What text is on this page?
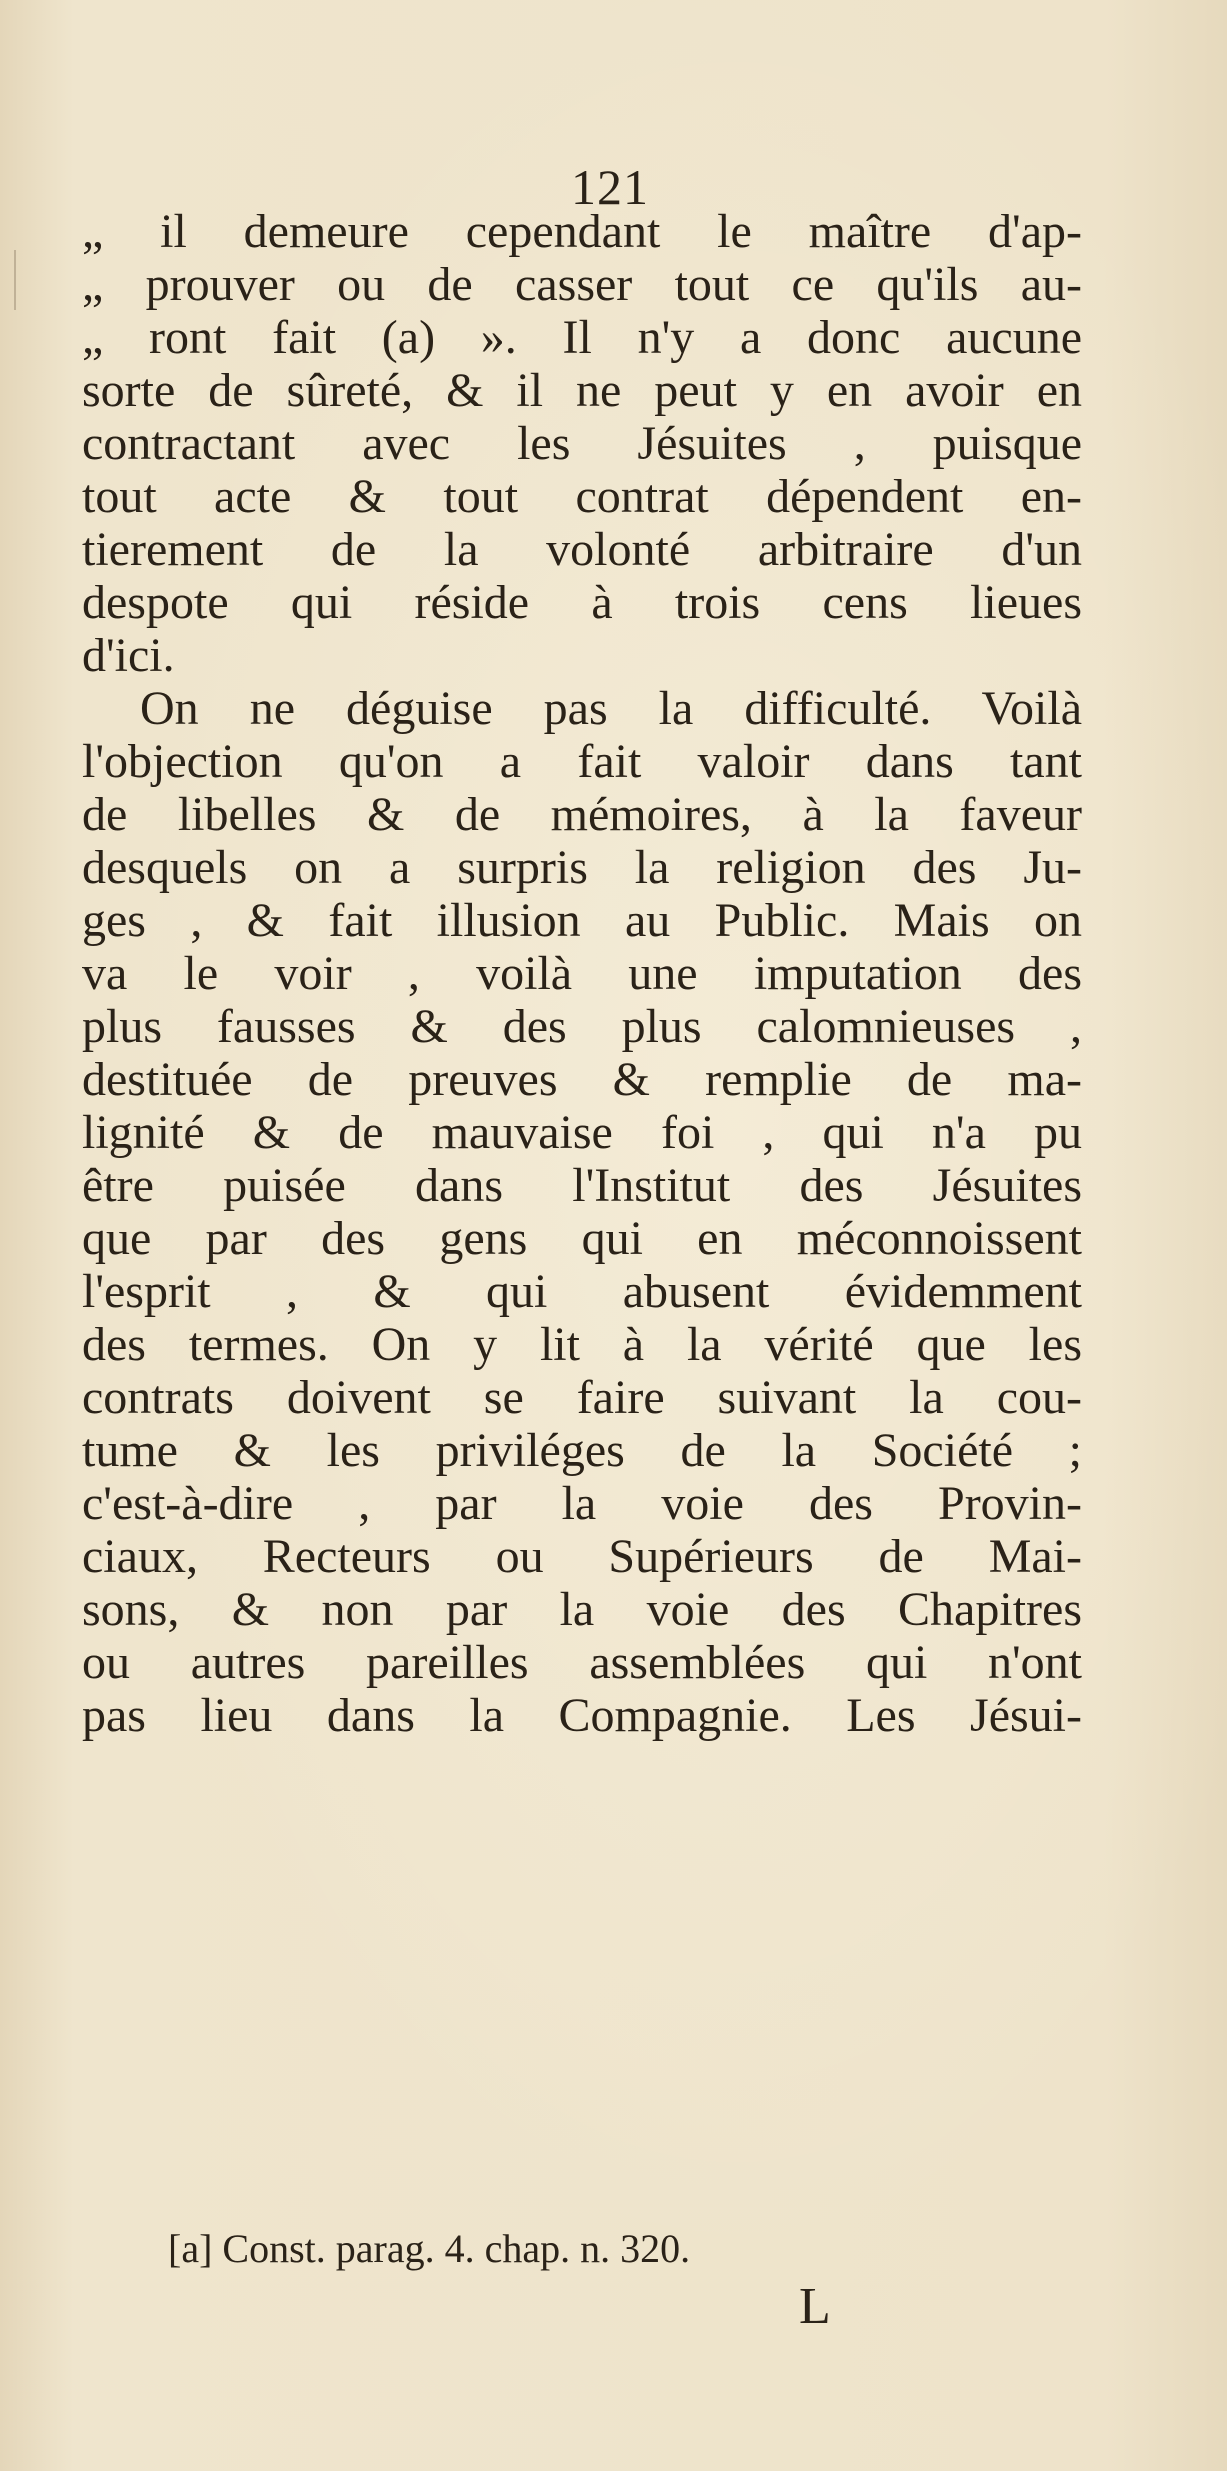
121
„ il demeure cependant le maître d'ap-
„ prouver ou de casser tout ce qu'ils au-
„ ront fait (a) ». Il n'y a donc aucune
sorte de sûreté, & il ne peut y en avoir en
contractant avec les Jésuites , puisque
tout acte & tout contrat dépendent en-
tierement de la volonté arbitraire d'un
despote qui réside à trois cens lieues
d'ici.
On ne déguise pas la difficulté. Voilà
l'objection qu'on a fait valoir dans tant
de libelles & de mémoires, à la faveur
desquels on a surpris la religion des Ju-
ges , & fait illusion au Public. Mais on
va le voir , voilà une imputation des
plus fausses & des plus calomnieuses ,
destituée de preuves & remplie de ma-
lignité & de mauvaise foi , qui n'a pu
être puisée dans l'Institut des Jésuites
que par des gens qui en méconnoissent
l'esprit , & qui abusent évidemment
des termes. On y lit à la vérité que les
contrats doivent se faire suivant la cou-
tume & les priviléges de la Société ;
c'est-à-dire , par la voie des Provin-
ciaux, Recteurs ou Supérieurs de Mai-
sons, & non par la voie des Chapitres
ou autres pareilles assemblées qui n'ont
pas lieu dans la Compagnie. Les Jésui-
[a] Const. parag. 4. chap. n. 320.
L
